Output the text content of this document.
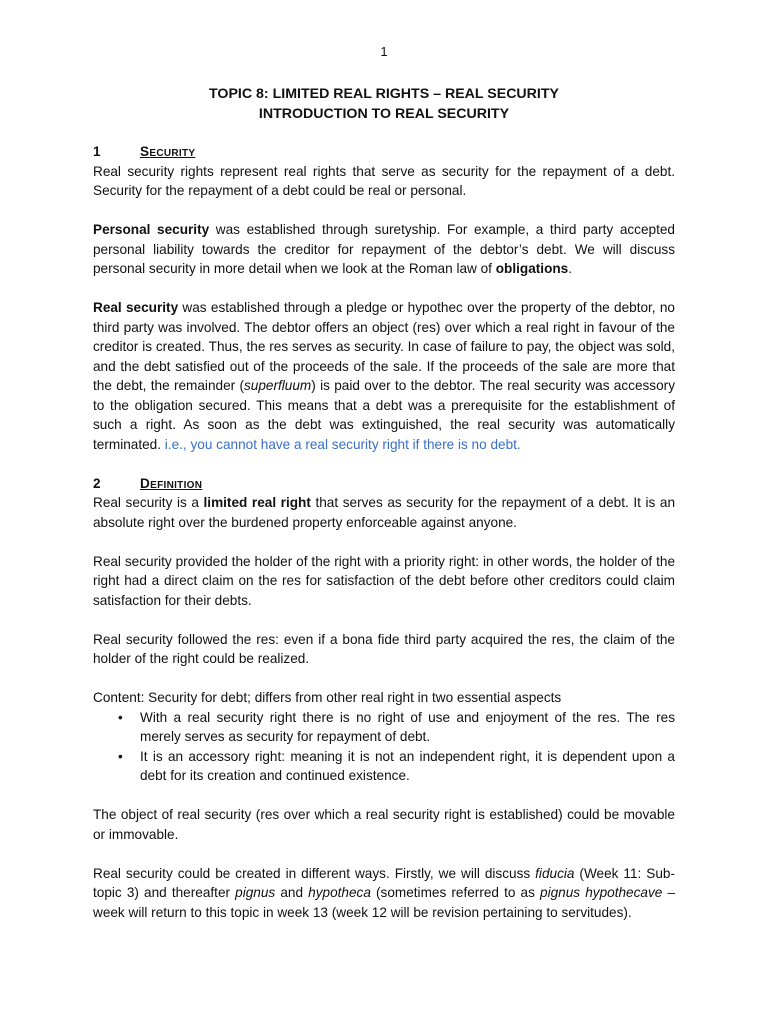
1
TOPIC 8: LIMITED REAL RIGHTS – REAL SECURITY
INTRODUCTION TO REAL SECURITY
1	Security

Real security rights represent real rights that serve as security for the repayment of a debt. Security for the repayment of a debt could be real or personal.

Personal security was established through suretyship. For example, a third party accepted personal liability towards the creditor for repayment of the debtor’s debt. We will discuss personal security in more detail when we look at the Roman law of obligations.

Real security was established through a pledge or hypothec over the property of the debtor, no third party was involved. The debtor offers an object (res) over which a real right in favour of the creditor is created. Thus, the res serves as security. In case of failure to pay, the object was sold, and the debt satisfied out of the proceeds of the sale. If the proceeds of the sale are more that the debt, the remainder (superfluum) is paid over to the debtor. The real security was accessory to the obligation secured. This means that a debt was a prerequisite for the establishment of such a right. As soon as the debt was extinguished, the real security was automatically terminated. i.e., you cannot have a real security right if there is no debt.

2	Definition

Real security is a limited real right that serves as security for the repayment of a debt. It is an absolute right over the burdened property enforceable against anyone.

Real security provided the holder of the right with a priority right: in other words, the holder of the right had a direct claim on the res for satisfaction of the debt before other creditors could claim satisfaction for their debts.

Real security followed the res: even if a bona fide third party acquired the res, the claim of the holder of the right could be realized.

Content: Security for debt; differs from other real right in two essential aspects

• With a real security right there is no right of use and enjoyment of the res. The res merely serves as security for repayment of debt.
• It is an accessory right: meaning it is not an independent right, it is dependent upon a debt for its creation and continued existence.

The object of real security (res over which a real security right is established) could be movable or immovable.

Real security could be created in different ways. Firstly, we will discuss fiducia (Week 11: Sub-topic 3) and thereafter pignus and hypotheca (sometimes referred to as pignus hypothecave – week will return to this topic in week 13 (week 12 will be revision pertaining to servitudes).
